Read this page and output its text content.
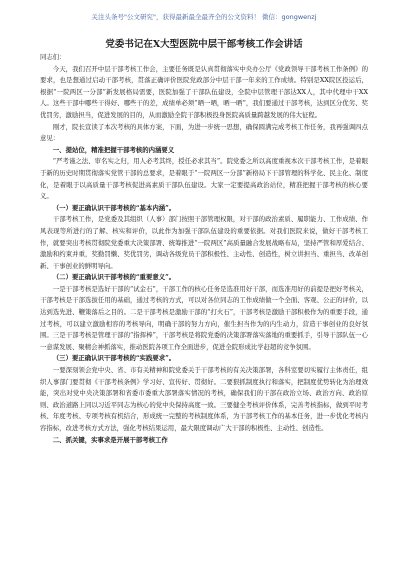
关注头条号"公文研究"，获得最新最全最齐全的公文资料！ 微信：gongwenzj
党委书记在X大型医院中层干部考核工作会讲话

同志们：

今天，我们召开中层干部考核工作会，主要任务既是认真贯彻落实中央办公厅《党政领导干部考核工作条例》的要求，也是想通过启动干部考核，贯落正确评价医院党政部分中层干部一年来的工作成绩。特别是XX院区投运后，根据“一院两区一分部”新发展格局需要，医院加强了干部队伍建设，全院中层管理干部达XX人，其中代理中干XX人。这些干部中哪些干得好、哪些干的差，成绩单必须“晒一晒，晒一晒”，我们要通过干部考核，达到区分优劣、奖优罚劣，激励担当，促进发展的目的，从而激励全院干部积极投身医院高质量跨越发展的伟大征程。

刚才，院长宣读了本次考核的具体方案，下面，为进一步统一思想，确保圆满完成考核工作任务，我再强调四点意见：

一、提站位，精准把握干部考核的内涵要义

“严考谨之法、审名实之归，用人必考其终，授任必求其当”。院党委之所以高度重视本次干部考核工作，是着眼于新的历史时期贯彻落实党管干部的总要求，是着眼于“一院两区一分部”新格局下干部管理的科学化、民主化、制度化，是着眼于以高质量干部考核促进高素质干部队伍建设。大家一定要提高政治站位，精准把握干部考核的核心要义。

（一）要正确认识干部考核的“基本内涵”。

干部考核工作，是党委及其组织（人事）部门按照干部管理权限，对干部的政治素质、履职能力、工作成绩、作风表现等所进行的了解、核实和评价，以此作为加强干部队伍建设的重要依据。对我们医院来说，做好干部考核工作，就要突出考核贯彻院党委重大决策部署、统筹推进“一院两区”高质量融合发展战略布局，坚持严管和厚爱结合、激励和约束并重，奖勤罚懒、奖优罚劣，调动各级党员干部积极性、主动性、创造性，树立讲担当、重担当、改革创新、干事创业的鲜明导向。

（二）要正确认识干部考核的“重要意义”。

一是干部考核是选好干部的“试金石”，干部工作的核心任务是选准用好干部，而选准用好的前提是把好考核关，干部考核是干部选拔任用的基础，通过考核的方式，可以对各位同志的工作成绩做一个全面、客观、公正的评价，以达到选先进、鞭策落后之目的。二是干部考核是激励干部的“打火石”，干部考核是激励干部积极作为的重要手段，通过考核，可以建立激励相容的考核导向，明确干部的努力方向，催生担当作为的内生动力，营造干事创业的良好氛围。三是干部考核是管理干部的“指挥棒”，干部考核是将院党委的决策部署落实落地的重要抓手，引导干部队伍一心一意谋发展、聚精会神抓落实，推动医院各项工作全面进步，促进全院形成比学赶超的竞争氛围。

（三）要正确认识干部考核的“实践要求”。

一要深刻领会党中央、省、市有关精神和院党委关于干部考核的有关决策部署，各科室要切实履行主体责任，组织人事部门要贯彻《干部考核条例》学习好、宣传好、贯彻好。二要狠抓制度执行和落实，把制度优势转化为治理效能，突出对党中央决策部署和省委市委重大部署落实情况的考核，确保我们的干部在政治立场、政治方向、政治原则、政治道路上同以习近平同志为核心的党中央保持高度一致。三要健全考核评价体系，完善考核指标，做到平时考核、年度考核、专项考核有机结合，形成统一完整的考核制度体系，为干部考核工作的基本任务，进一步优化考核内容指标，改进考核方式方法，强化考核结果运用，最大限度调动广大干部的积极性、主动性、创造性。

二、抓关键，实事求是开展干部考核工作
